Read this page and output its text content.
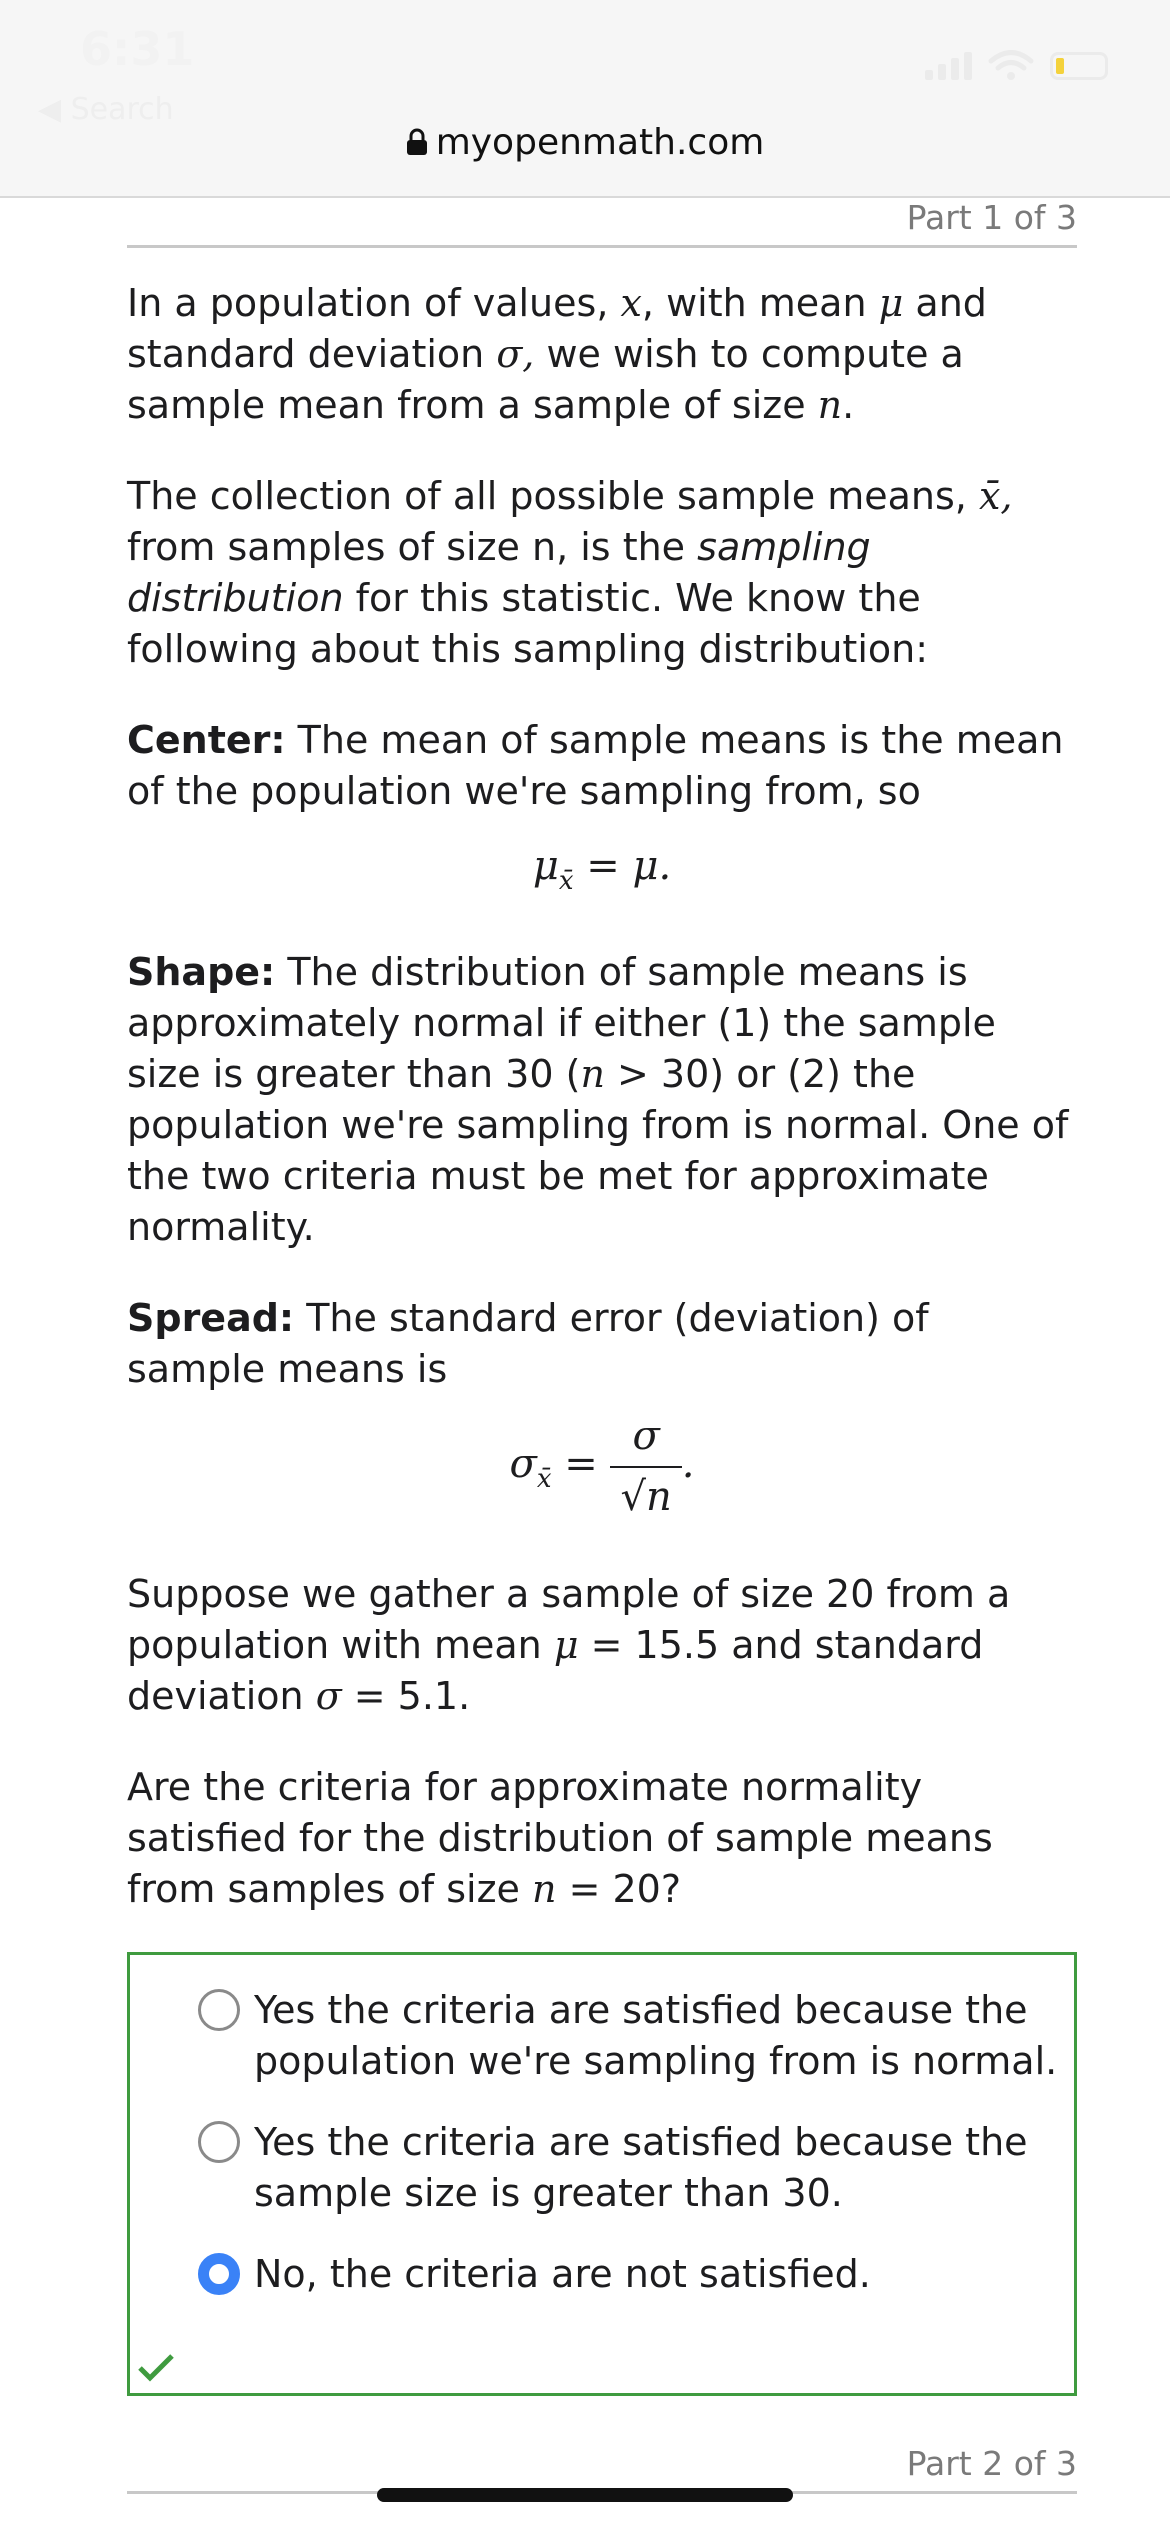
6:31
◀ Search
myopenmath.com
Part 1 of 3

In a population of values, x, with mean μ and standard deviation σ, we wish to compute a sample mean from a sample of size n.

The collection of all possible sample means, x̄, from samples of size n, is the sampling distribution for this statistic. We know the following about this sampling distribution:

Center: The mean of sample means is the mean of the population we're sampling from, so

$\mu_{x̄} = \mu$.

Shape: The distribution of sample means is approximately normal if either (1) the sample size is greater than 30 (n > 30) or (2) the population we're sampling from is normal. One of the two criteria must be met for approximate normality.

Spread: The standard error (deviation) of sample means is

$\sigma_{x̄} = \frac{\sigma}{√n}$ .

Suppose we gather a sample of size 20 from a population with mean μ = 15.5 and standard deviation σ = 5.1.

Are the criteria for approximate normality satisfied for the distribution of sample means from samples of size n = 20?

Yes the criteria are satisfied because the population we're sampling from is normal.
Yes the criteria are satisfied because the sample size is greater than 30.
No, the criteria are not satisfied.
Part 2 of 3
